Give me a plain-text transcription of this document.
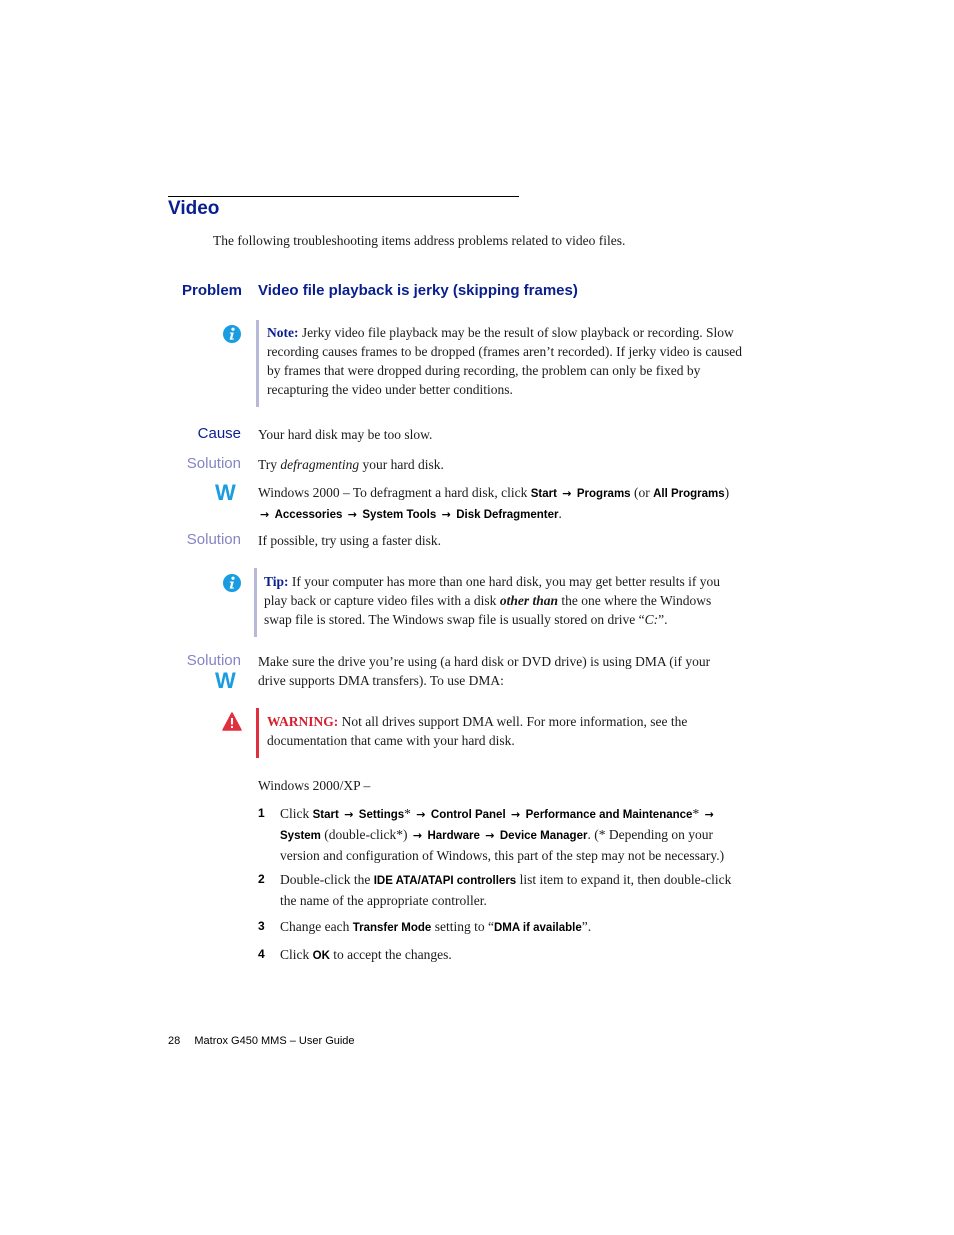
Video
The following troubleshooting items address problems related to video files.
Problem Video file playback is jerky (skipping frames)
Note: Jerky video file playback may be the result of slow playback or recording. Slow recording causes frames to be dropped (frames aren’t recorded). If jerky video is caused by frames that were dropped during recording, the problem can only be fixed by recapturing the video under better conditions.
Cause Your hard disk may be too slow.
Solution Try defragmenting your hard disk.
W Windows 2000 – To defragment a hard disk, click Start → Programs (or All Programs) → Accessories → System Tools → Disk Defragmenter.
Solution If possible, try using a faster disk.
Tip: If your computer has more than one hard disk, you may get better results if you play back or capture video files with a disk other than the one where the Windows swap file is stored. The Windows swap file is usually stored on drive “C:”.
Solution
W
Make sure the drive you’re using (a hard disk or DVD drive) is using DMA (if your drive supports DMA transfers). To use DMA:
WARNING: Not all drives support DMA well. For more information, see the documentation that came with your hard disk.
Windows 2000/XP –
1 Click Start → Settings* → Control Panel → Performance and Maintenance* → System (double-click*) → Hardware → Device Manager. (* Depending on your version and configuration of Windows, this part of the step may not be necessary.)
2 Double-click the IDE ATA/ATAPI controllers list item to expand it, then double-click the name of the appropriate controller.
3 Change each Transfer Mode setting to “DMA if available”.
4 Click OK to accept the changes.
28 Matrox G450 MMS – User Guide
